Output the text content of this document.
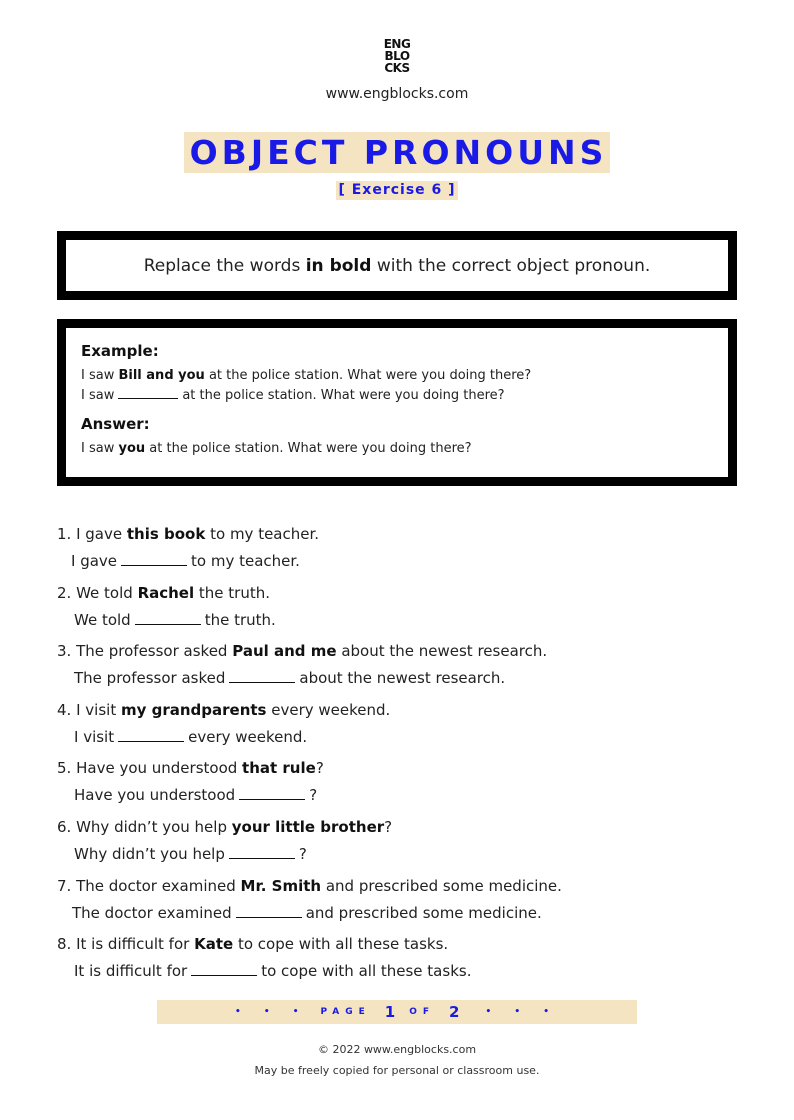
ENG
BLO
CKS
www.engblocks.com
OBJECT PRONOUNS
[ Exercise 6 ]
Replace the words in bold with the correct object pronoun.
Example:
I saw Bill and you at the police station. What were you doing there?
I saw	at the police station. What were you doing there?
Answer:
I saw you at the police station. What were you doing there?
1. I gave this book to my teacher.
I gave	to my teacher.
2. We told Rachel the truth.
We told	the truth.
3. The professor asked Paul and me about the newest research.
The professor asked	about the newest research.
4. I visit my grandparents every weekend.
I visit	every weekend.
5. Have you understood that rule?
Have you understood	?
6. Why didn’t you help your little brother?
Why didn’t you help	?
7. The doctor examined Mr. Smith and prescribed some medicine.
The doctor examined	and prescribed some medicine.
8. It is difficult for Kate to cope with all these tasks.
It is difficult for	to cope with all these tasks.
• • • PAGE 1 OF 2	• • •
© 2022 www.engblocks.com
May be freely copied for personal or classroom use.
